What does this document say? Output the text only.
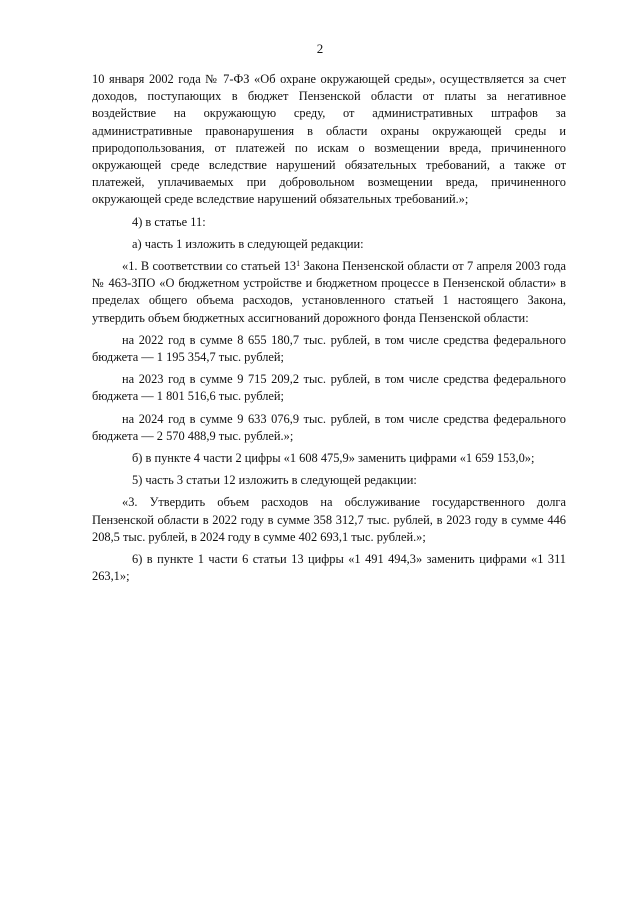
2

10 января 2002 года № 7-ФЗ «Об охране окружающей среды», осуществляется за счет доходов, поступающих в бюджет Пензенской области от платы за негативное воздействие на окружающую среду, от административных штрафов за административные правонарушения в области охраны окружающей среды и природопользования, от платежей по искам о возмещении вреда, причиненного окружающей среде вследствие нарушений обязательных требований, а также от платежей, уплачиваемых при добровольном возмещении вреда, причиненного окружающей среде вследствие нарушений обязательных требований.»;

4) в статье 11:

а) часть 1 изложить в следующей редакции:

«1. В соответствии со статьей $13^1$ Закона Пензенской области от 7 апреля 2003 года № 463-ЗПО «О бюджетном устройстве и бюджетном процессе в Пензенской области» в пределах общего объема расходов, установленного статьей 1 настоящего Закона, утвердить объем бюджетных ассигнований дорожного фонда Пензенской области:

на 2022 год в сумме 8 655 180,7 тыс. рублей, в том числе средства федерального бюджета — 1 195 354,7 тыс. рублей;

на 2023 год в сумме 9 715 209,2 тыс. рублей, в том числе средства федерального бюджета — 1 801 516,6 тыс. рублей;

на 2024 год в сумме 9 633 076,9 тыс. рублей, в том числе средства федерального бюджета — 2 570 488,9 тыс. рублей.»;

б) в пункте 4 части 2 цифры «1 608 475,9» заменить цифрами «1 659 153,0»;

5) часть 3 статьи 12 изложить в следующей редакции:

«3. Утвердить объем расходов на обслуживание государственного долга Пензенской области в 2022 году в сумме 358 312,7 тыс. рублей, в 2023 году в сумме 446 208,5 тыс. рублей, в 2024 году в сумме 402 693,1 тыс. рублей.»;

6) в пункте 1 части 6 статьи 13 цифры «1 491 494,3» заменить цифрами «1 311 263,1»;
